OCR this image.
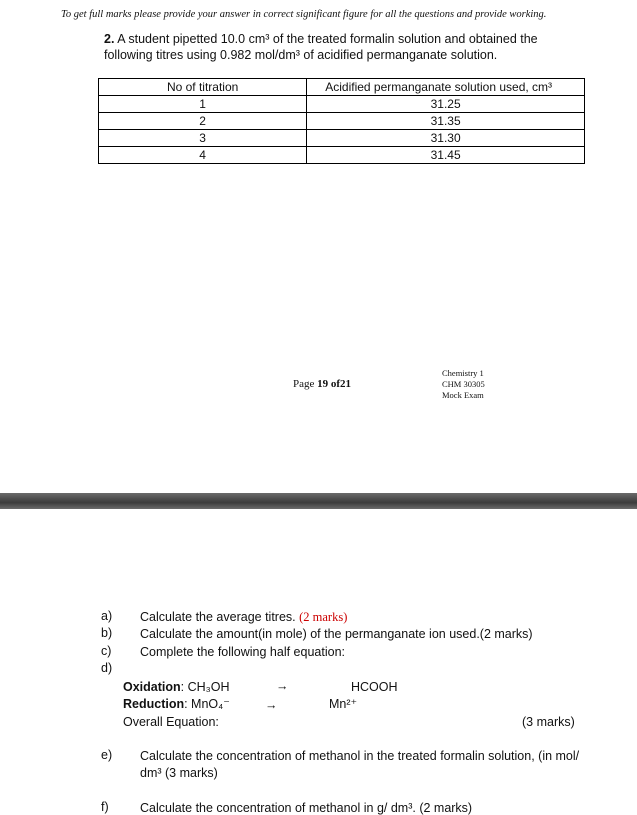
To get full marks please provide your answer in correct significant figure for all the questions and provide working.
2. A student pipetted 10.0 cm³ of the treated formalin solution and obtained the following titres using 0.982 mol/dm³ of acidified permanganate solution.
No of titration	Acidified permanganate solution used, cm³
1	31.25
2	31.35
3	31.30
4	31.45
Page 19 of21
Chemistry 1
CHM 30305
Mock Exam
a) Calculate the average titres. (2 marks)
b) Calculate the amount(in mole) of the permanganate ion used.(2 marks)
c) Complete the following half equation:
d)
Oxidation: CH₃OH	→	HCOOH
Reduction: MnO₄⁻	→	Mn²⁺
Overall Equation:	(3 marks)
e) Calculate the concentration of methanol in the treated formalin solution, (in mol/ dm³ (3 marks)
f)	Calculate the concentration of methanol in g/ dm³. (2 marks)
